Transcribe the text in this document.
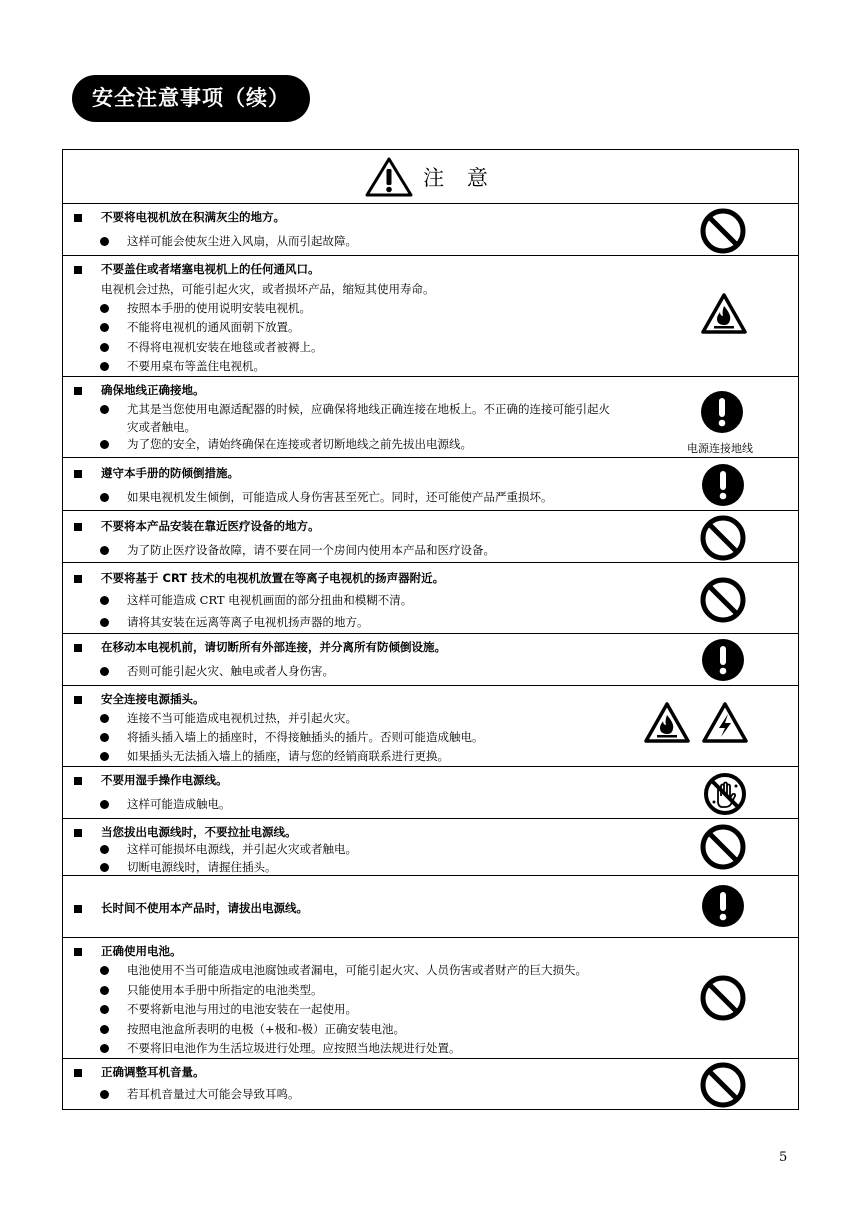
安全注意事项（续）
注 意
不要将电视机放在积满灰尘的地方。
这样可能会使灰尘进入风扇，从而引起故障。
不要盖住或者堵塞电视机上的任何通风口。
电视机会过热，可能引起火灾，或者损坏产品，缩短其使用寿命。
按照本手册的使用说明安装电视机。
不能将电视机的通风面朝下放置。
不得将电视机安装在地毯或者被褥上。
不要用桌布等盖住电视机。
确保地线正确接地。
尤其是当您使用电源适配器的时候，应确保将地线正确连接在地板上。不正确的连接可能引起火
灾或者触电。
为了您的安全，请始终确保在连接或者切断地线之前先拔出电源线。	电源连接地线
遵守本手册的防倾倒措施。
如果电视机发生倾倒，可能造成人身伤害甚至死亡。同时，还可能使产品严重损坏。
不要将本产品安装在靠近医疗设备的地方。
为了防止医疗设备故障，请不要在同一个房间内使用本产品和医疗设备。
不要将基于 CRT 技术的电视机放置在等离子电视机的扬声器附近。
这样可能造成 CRT 电视机画面的部分扭曲和模糊不清。
请将其安装在远离等离子电视机扬声器的地方。
在移动本电视机前，请切断所有外部连接，并分离所有防倾倒设施。
否则可能引起火灾、触电或者人身伤害。
安全连接电源插头。
连接不当可能造成电视机过热，并引起火灾。
将插头插入墙上的插座时，不得接触插头的插片。否则可能造成触电。
如果插头无法插入墙上的插座，请与您的经销商联系进行更换。
不要用湿手操作电源线。
这样可能造成触电。
当您拔出电源线时，不要拉扯电源线。
这样可能损坏电源线，并引起火灾或者触电。
切断电源线时，请握住插头。
长时间不使用本产品时，请拔出电源线。
正确使用电池。
电池使用不当可能造成电池腐蚀或者漏电，可能引起火灾、人员伤害或者财产的巨大损失。
只能使用本手册中所指定的电池类型。
不要将新电池与用过的电池安装在一起使用。
按照电池盒所表明的电极（+极和-极）正确安装电池。
不要将旧电池作为生活垃圾进行处理。应按照当地法规进行处置。
正确调整耳机音量。
若耳机音量过大可能会导致耳鸣。
5
